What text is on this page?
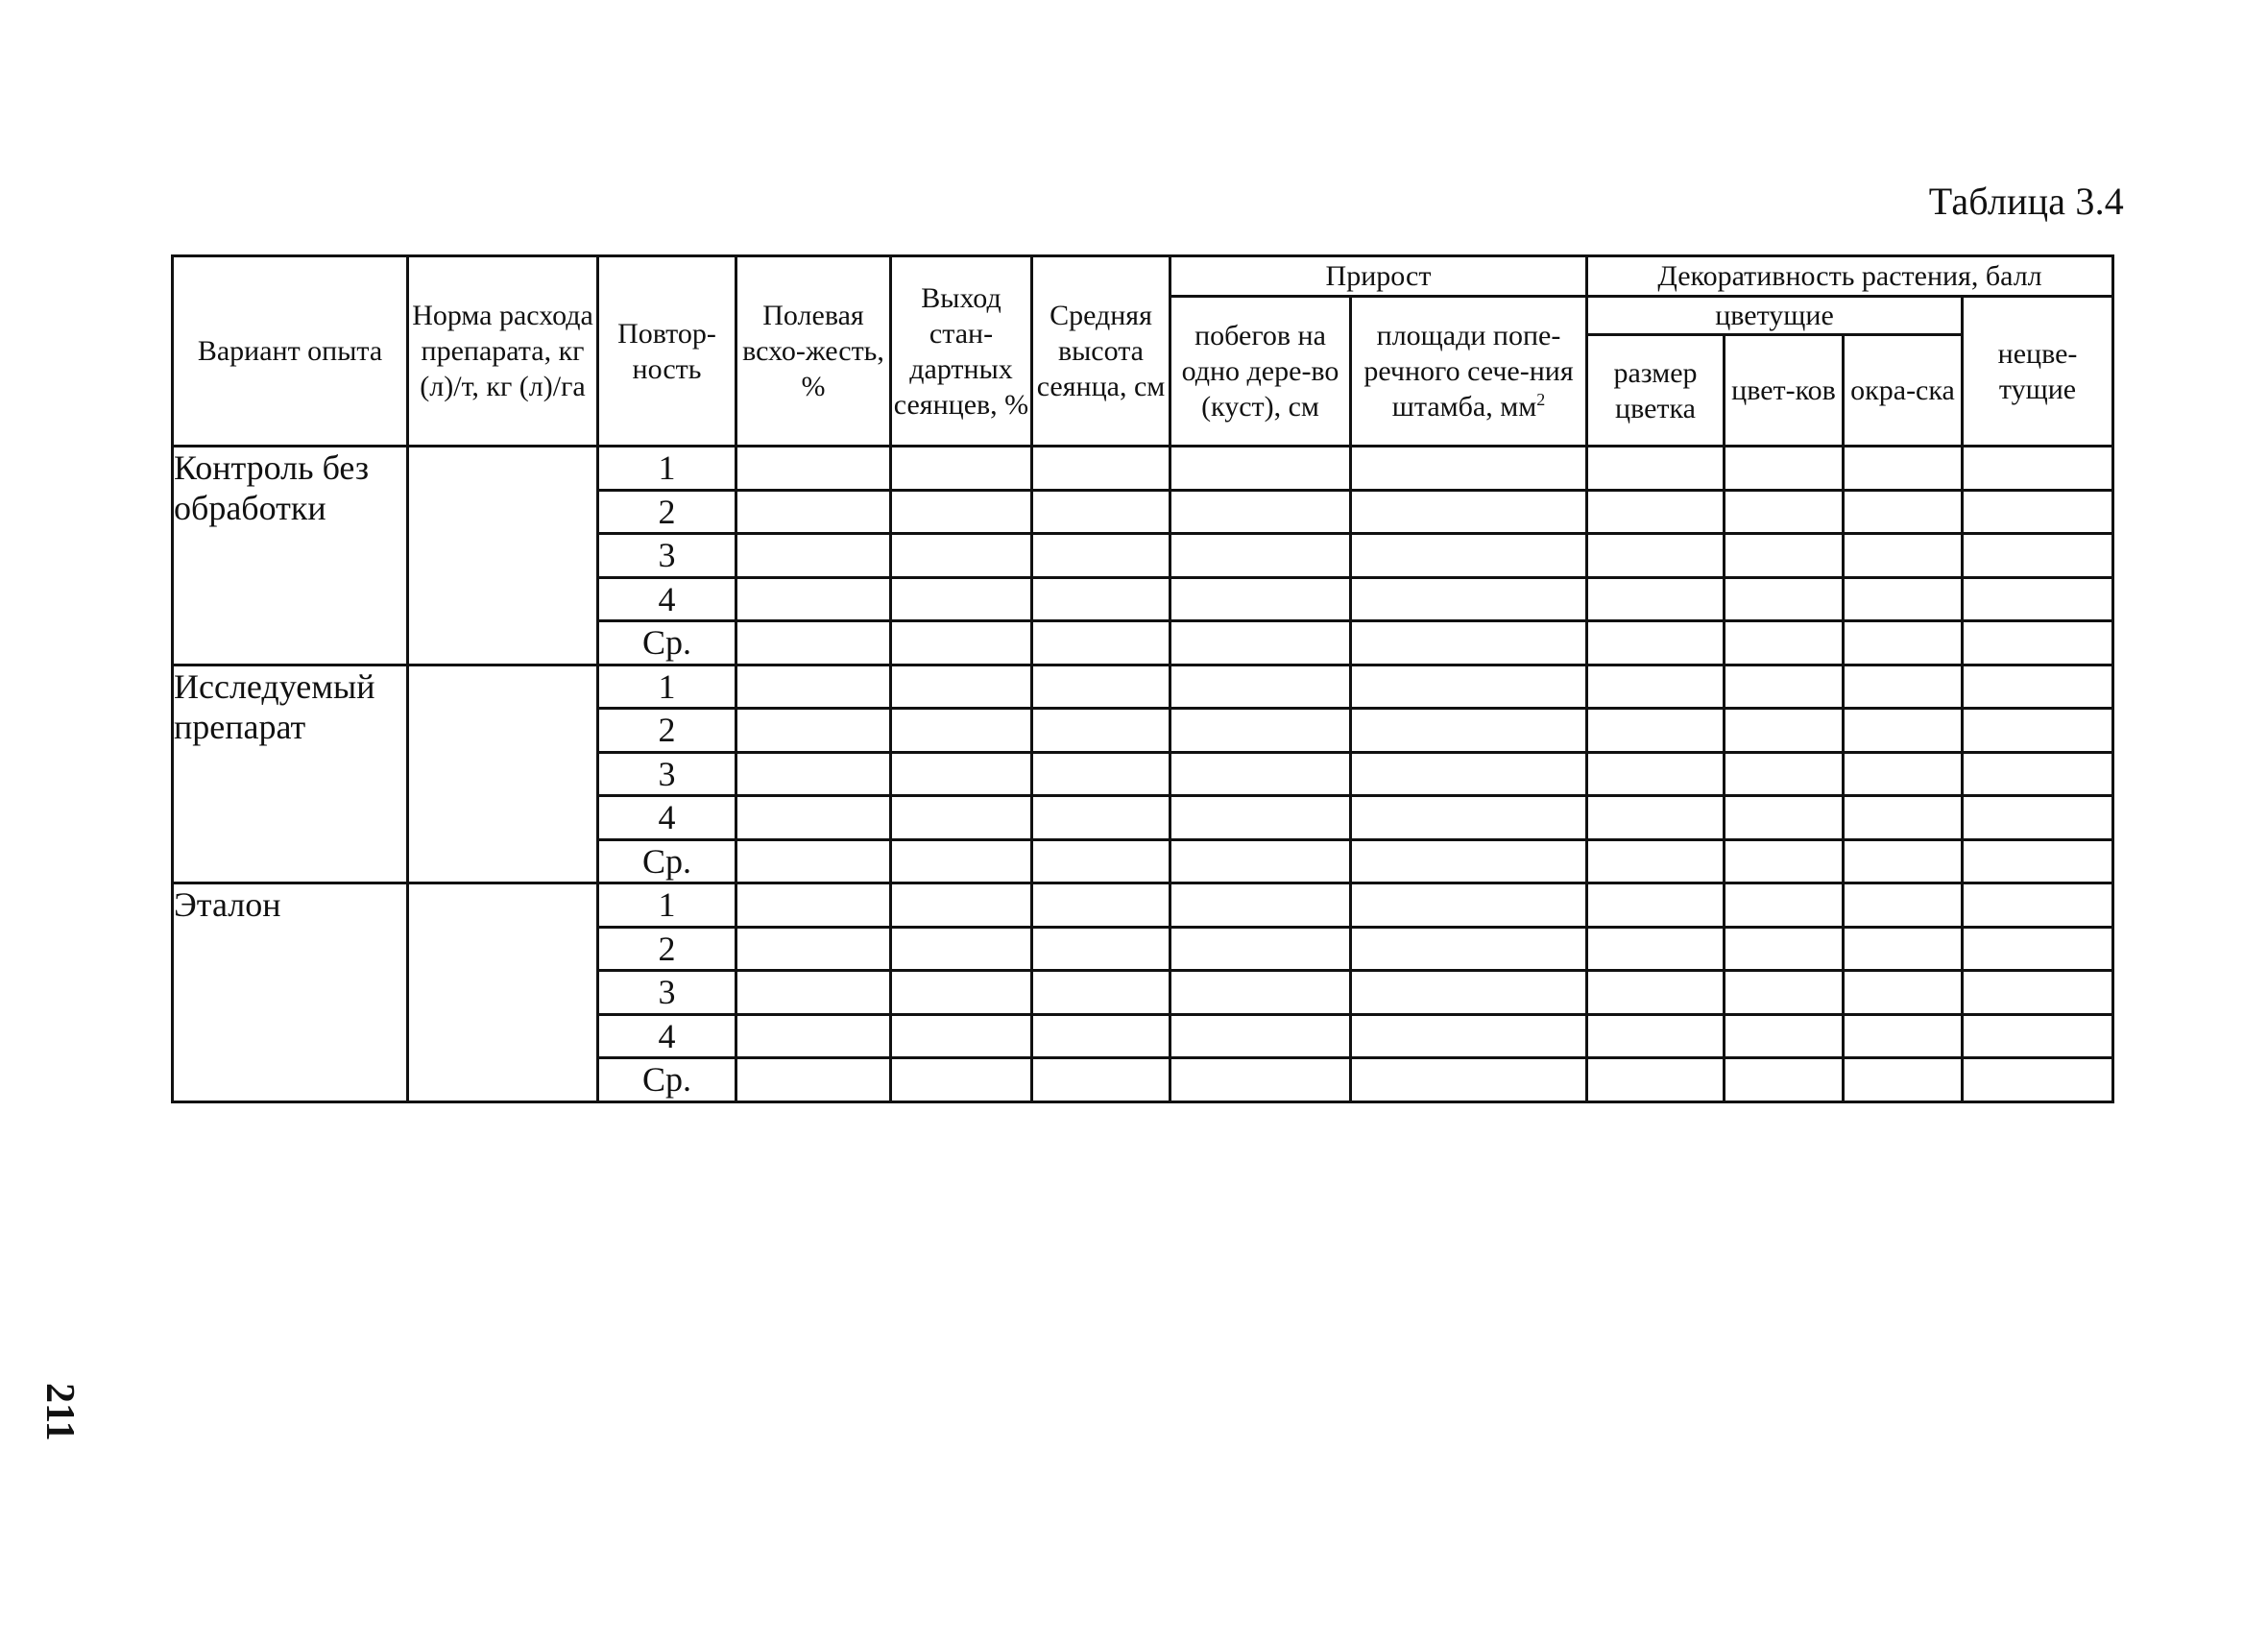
Таблица 3.4
211
Вариант опыта	Норма расхода препарата, кг (л)/т, кг (л)/га	Повтор-ность	Полевая всхо-жесть, %	Выход стан-дартных сеянцев, %	Средняя высота сеянца, см	Прирост		Декоративность растения, балл			
						побегов на одно дере-во (куст), см	площади попе-речного сече-ния штамба, $мм^2$	цветущие			нецве-тущие
								размер цветка	цвет-ков	окра-ска	
Контроль без обработки		1									
		2									
		3									
		4									
		Ср.									
Исследуемый препарат		1									
		2									
		3									
		4									
		Ср.									
Эталон		1									
		2									
		3									
		4									
		Ср.									
